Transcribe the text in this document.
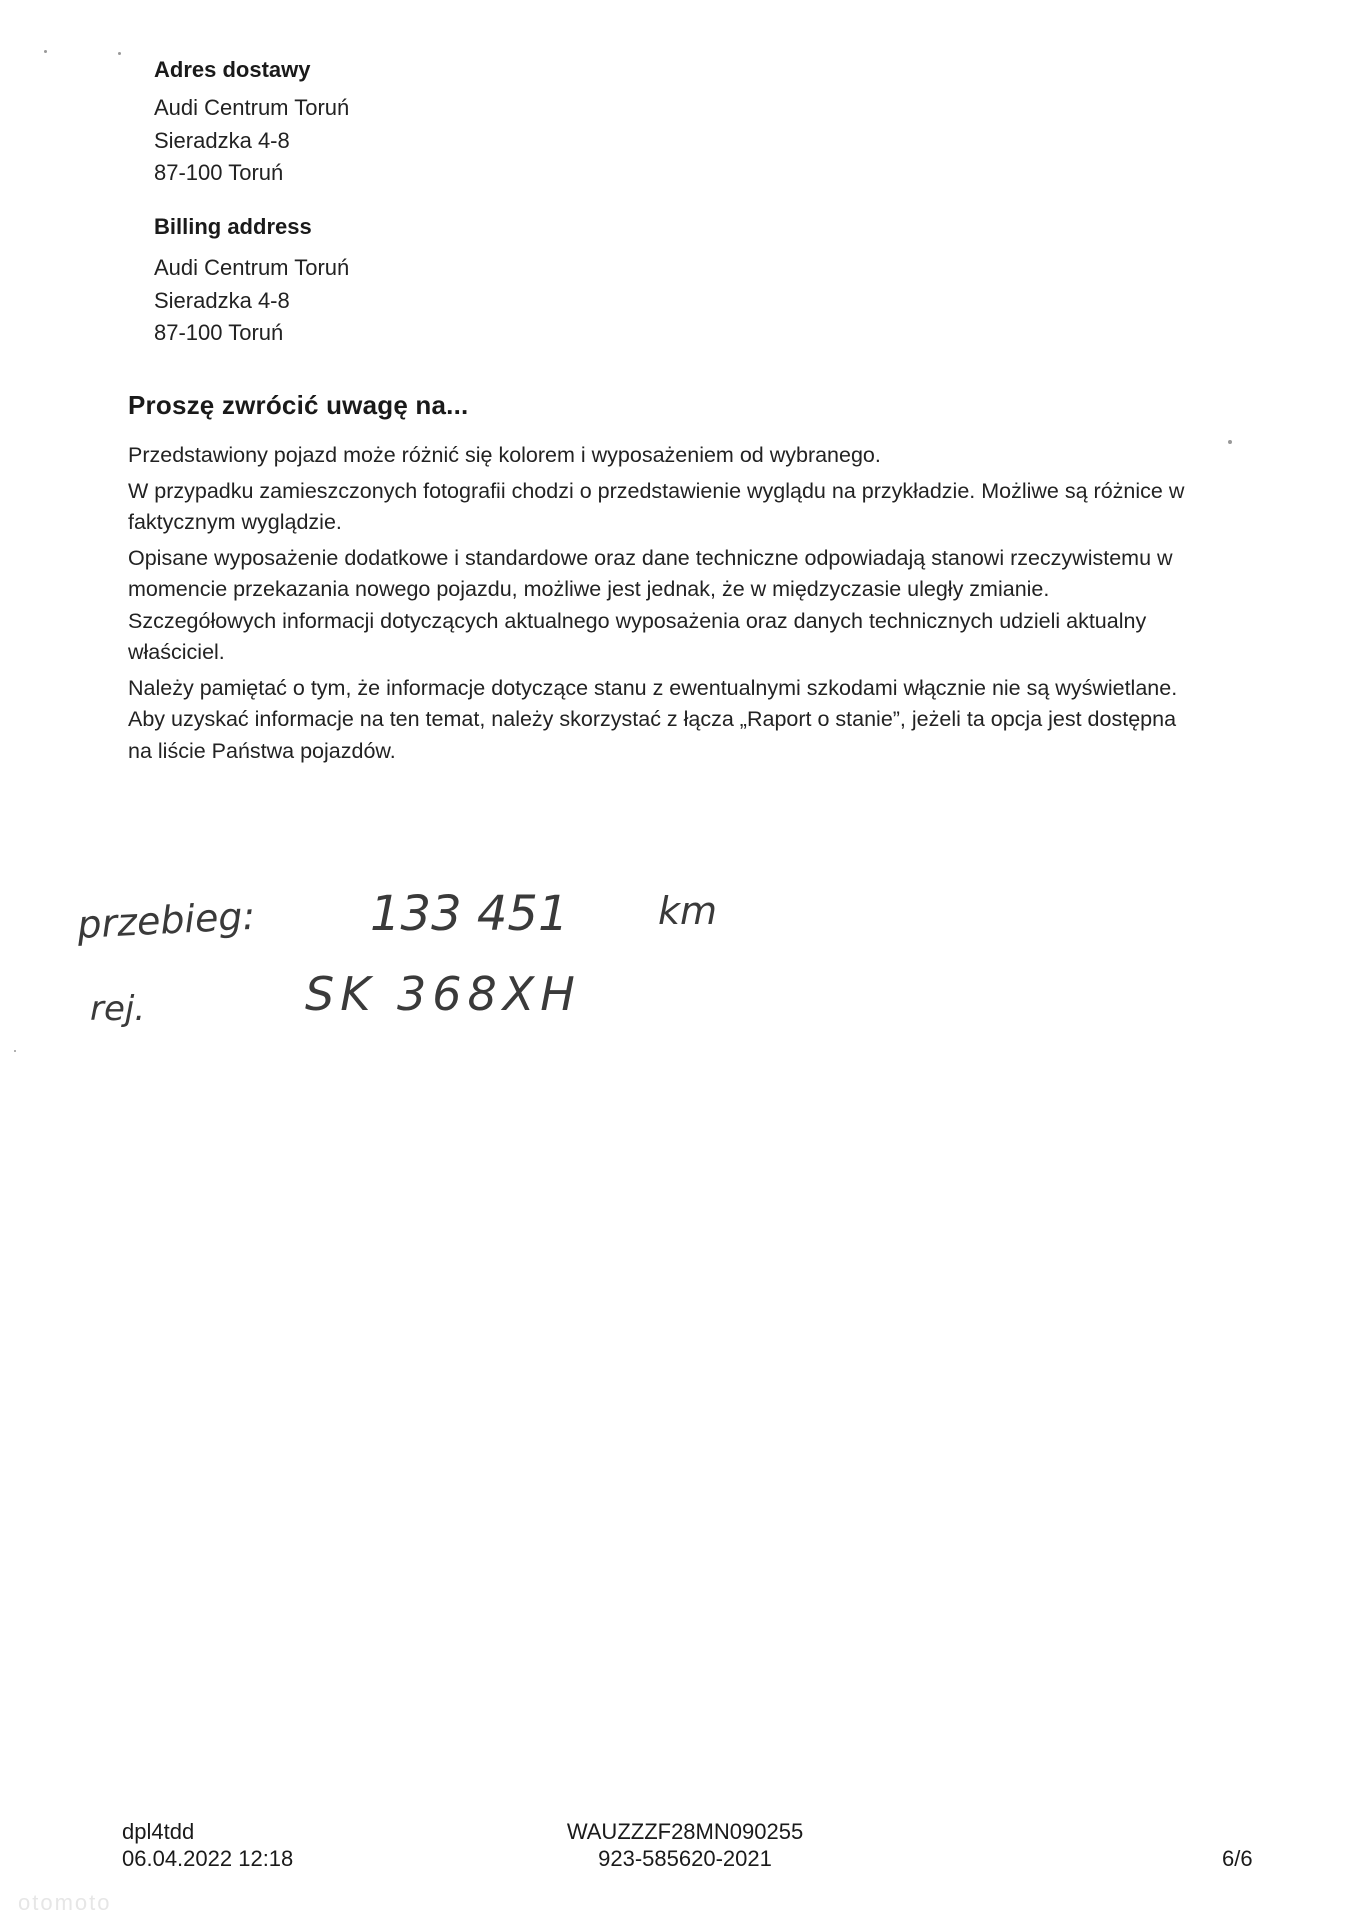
Adres dostawy
Audi Centrum Toruń
Sieradzka 4-8
87-100 Toruń
Billing address
Audi Centrum Toruń
Sieradzka 4-8
87-100 Toruń
Proszę zwrócić uwagę na...

Przedstawiony pojazd może różnić się kolorem i wyposażeniem od wybranego.

W przypadku zamieszczonych fotografii chodzi o przedstawienie wyglądu na przykładzie. Możliwe są różnice w faktycznym wyglądzie.

Opisane wyposażenie dodatkowe i standardowe oraz dane techniczne odpowiadają stanowi rzeczywistemu w momencie przekazania nowego pojazdu, możliwe jest jednak, że w międzyczasie uległy zmianie. Szczegółowych informacji dotyczących aktualnego wyposażenia oraz danych technicznych udzieli aktualny właściciel.

Należy pamiętać o tym, że informacje dotyczące stanu z ewentualnymi szkodami włącznie nie są wyświetlane. Aby uzyskać informacje na ten temat, należy skorzystać z łącza „Raport o stanie”, jeżeli ta opcja jest dostępna na liście Państwa pojazdów.

przebieg: 133 451 km
rej.	SK 368XH
dpl4tdd
06.04.2022 12:18
WAUZZZF28MN090255
923-585620-2021	6/6
otomoto
